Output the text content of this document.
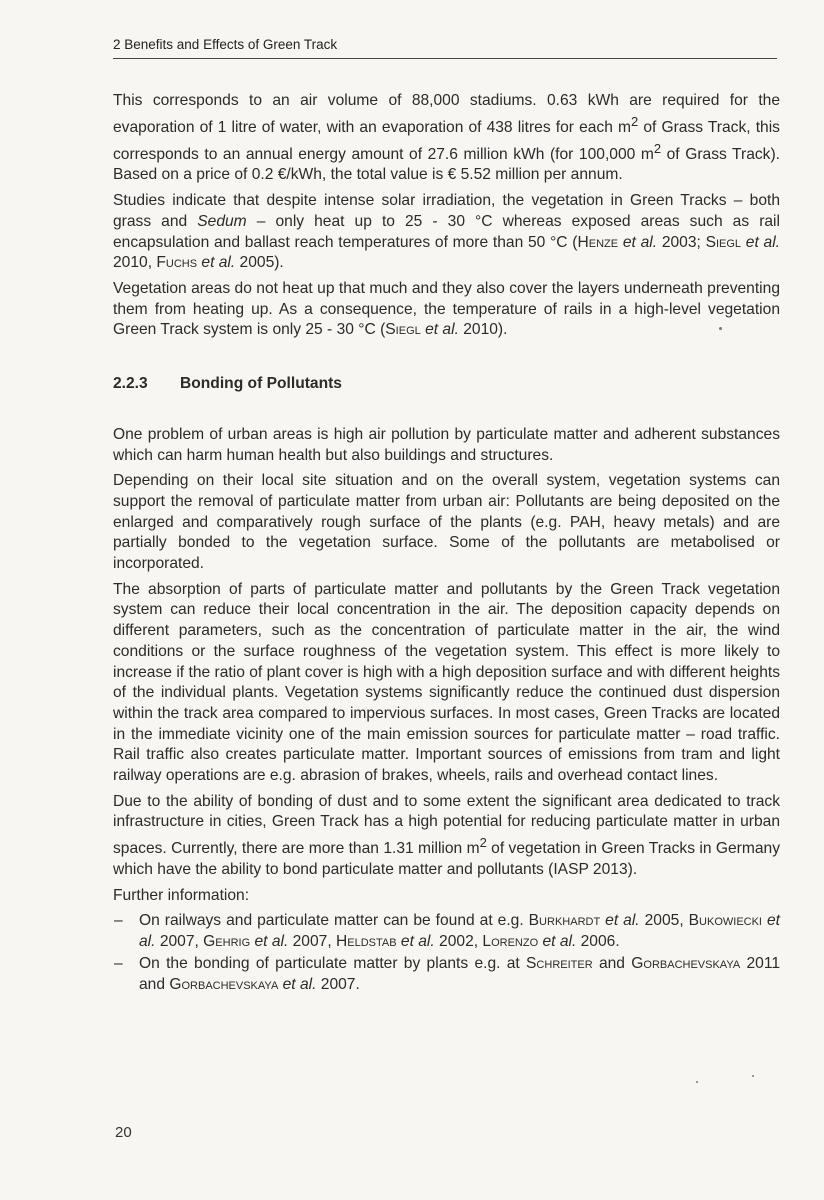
2 Benefits and Effects of Green Track

This corresponds to an air volume of 88,000 stadiums. 0.63 kWh are required for the evaporation of 1 litre of water, with an evaporation of 438 litres for each $m^2$ of Grass Track, this corresponds to an annual energy amount of 27.6 million kWh (for 100,000 $m^2$ of Grass Track). Based on a price of 0.2 €/kWh, the total value is € 5.52 million per annum.

Studies indicate that despite intense solar irradiation, the vegetation in Green Tracks – both grass and Sedum – only heat up to 25 - 30 °C whereas exposed areas such as rail encapsulation and ballast reach temperatures of more than 50 °C (Henze et al. 2003; Siegl et al. 2010, Fuchs et al. 2005).

Vegetation areas do not heat up that much and they also cover the layers underneath preventing them from heating up. As a consequence, the temperature of rails in a high-level vegetation Green Track system is only 25 - 30 °C (Siegl et al. 2010).

2.2.3	Bonding of Pollutants

One problem of urban areas is high air pollution by particulate matter and adherent substances which can harm human health but also buildings and structures.

Depending on their local site situation and on the overall system, vegetation systems can support the removal of particulate matter from urban air: Pollutants are being deposited on the enlarged and comparatively rough surface of the plants (e.g. PAH, heavy metals) and are partially bonded to the vegetation surface. Some of the pollutants are metabolised or incorporated.

The absorption of parts of particulate matter and pollutants by the Green Track vegetation system can reduce their local concentration in the air. The deposition capacity depends on different parameters, such as the concentration of particulate matter in the air, the wind conditions or the surface roughness of the vegetation system. This effect is more likely to increase if the ratio of plant cover is high with a high deposition surface and with different heights of the individual plants. Vegetation systems significantly reduce the continued dust dispersion within the track area compared to impervious surfaces. In most cases, Green Tracks are located in the immediate vicinity one of the main emission sources for particulate matter – road traffic. Rail traffic also creates particulate matter. Important sources of emissions from tram and light railway operations are e.g. abrasion of brakes, wheels, rails and overhead contact lines.

Due to the ability of bonding of dust and to some extent the significant area dedicated to track infrastructure in cities, Green Track has a high potential for reducing particulate matter in urban spaces. Currently, there are more than 1.31 million $m^2$ of vegetation in Green Tracks in Germany which have the ability to bond particulate matter and pollutants (IASP 2013).

Further information:

– On railways and particulate matter can be found at e.g. Burkhardt et al. 2005, Bukowiecki et al. 2007, Gehrig et al. 2007, Heldstab et al. 2002, Lorenzo et al. 2006.
– On the bonding of particulate matter by plants e.g. at Schreiter and Gorbachevskaya 2011 and Gorbachevskaya et al. 2007.
20
